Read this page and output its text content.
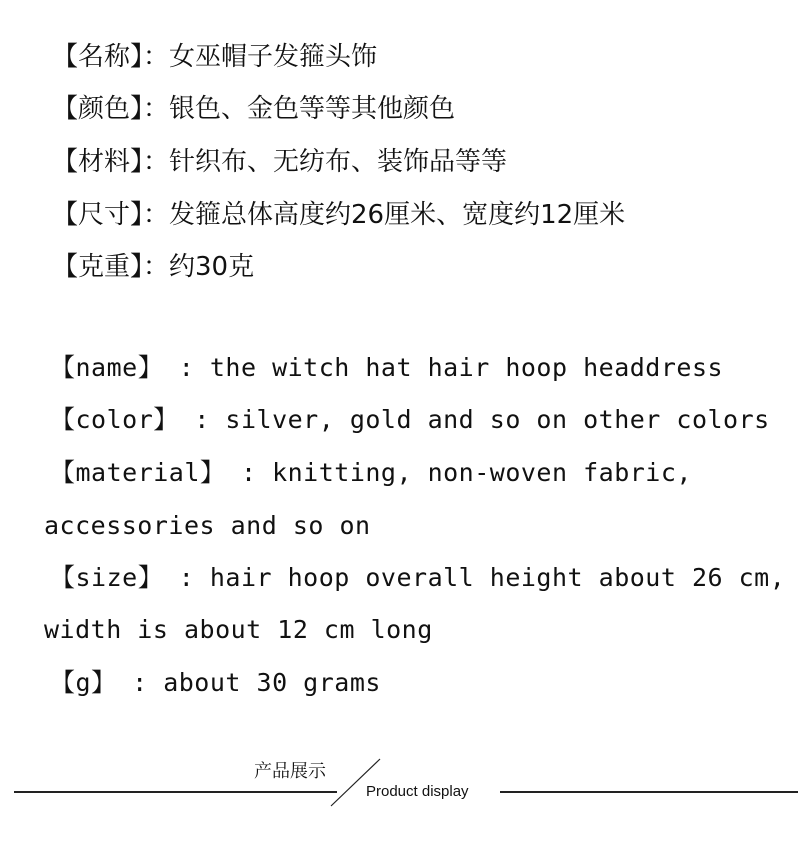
【名称】：女巫帽子发箍头饰
【颜色】：银色、金色等等其他颜色
【材料】：针织布、无纺布、装饰品等等
【尺寸】：发箍总体高度约26厘米、宽度约12厘米
【克重】：约30克
【name】 : the witch hat hair hoop headdress
【color】 : silver, gold and so on other colors
【material】 : knitting, non-woven fabric,
accessories and so on
【size】 : hair hoop overall height about 26 cm,
width is about 12 cm long
【g】 : about 30 grams
产品展示
Product display
